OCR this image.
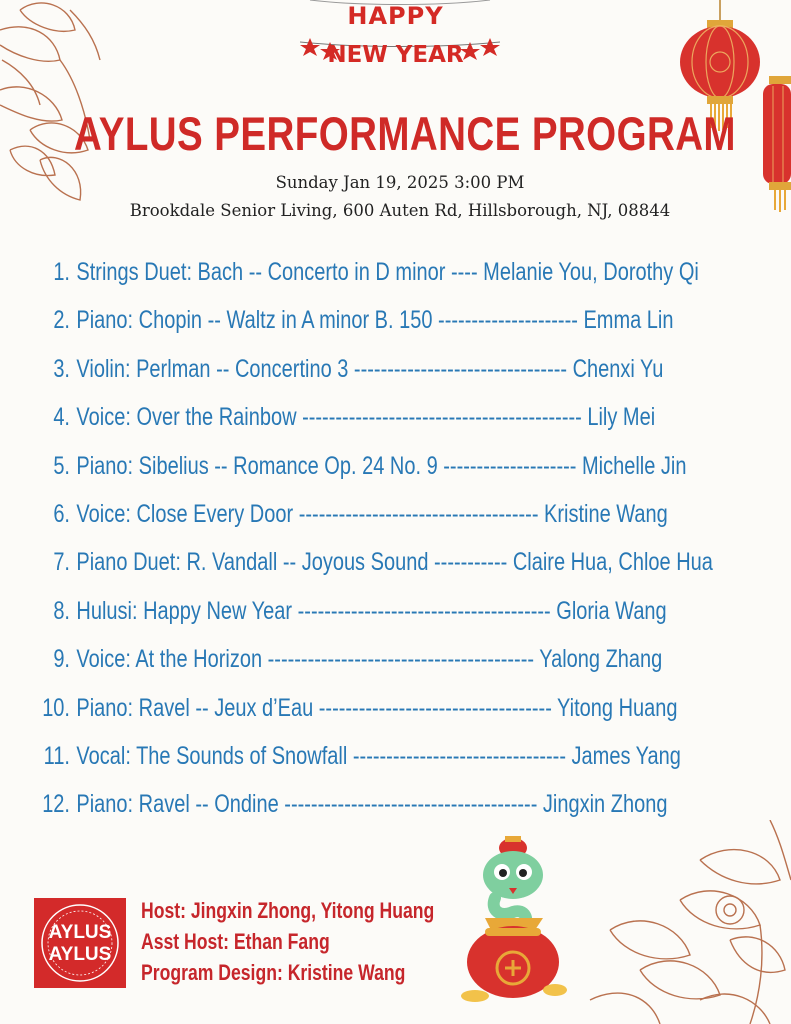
HAPPY
NEW YEAR
AYLUS PERFORMANCE PROGRAM
Sunday Jan 19, 2025 3:00 PM
Brookdale Senior Living, 600 Auten Rd, Hillsborough, NJ, 08844
1. Strings Duet: Bach -- Concerto in D minor ---- Melanie You, Dorothy Qi
2. Piano: Chopin -- Waltz in A minor B. 150 --------------------- Emma Lin
3. Violin: Perlman -- Concertino 3 -------------------------------- Chenxi Yu
4. Voice: Over the Rainbow ------------------------------------------ Lily Mei
5. Piano: Sibelius -- Romance Op. 24 No. 9 -------------------- Michelle Jin
6. Voice: Close Every Door ------------------------------------ Kristine Wang
7. Piano Duet: R. Vandall -- Joyous Sound ----------- Claire Hua, Chloe Hua
8. Hulusi: Happy New Year -------------------------------------- Gloria Wang
9. Voice: At the Horizon ---------------------------------------- Yalong Zhang
10. Piano: Ravel -- Jeux d’Eau ----------------------------------- Yitong Huang
11. Vocal: The Sounds of Snowfall -------------------------------- James Yang
12. Piano: Ravel -- Ondine -------------------------------------- Jingxin Zhong
AYLUS
AYLUS
Host: Jingxin Zhong, Yitong Huang
Asst Host: Ethan Fang
Program Design: Kristine Wang
